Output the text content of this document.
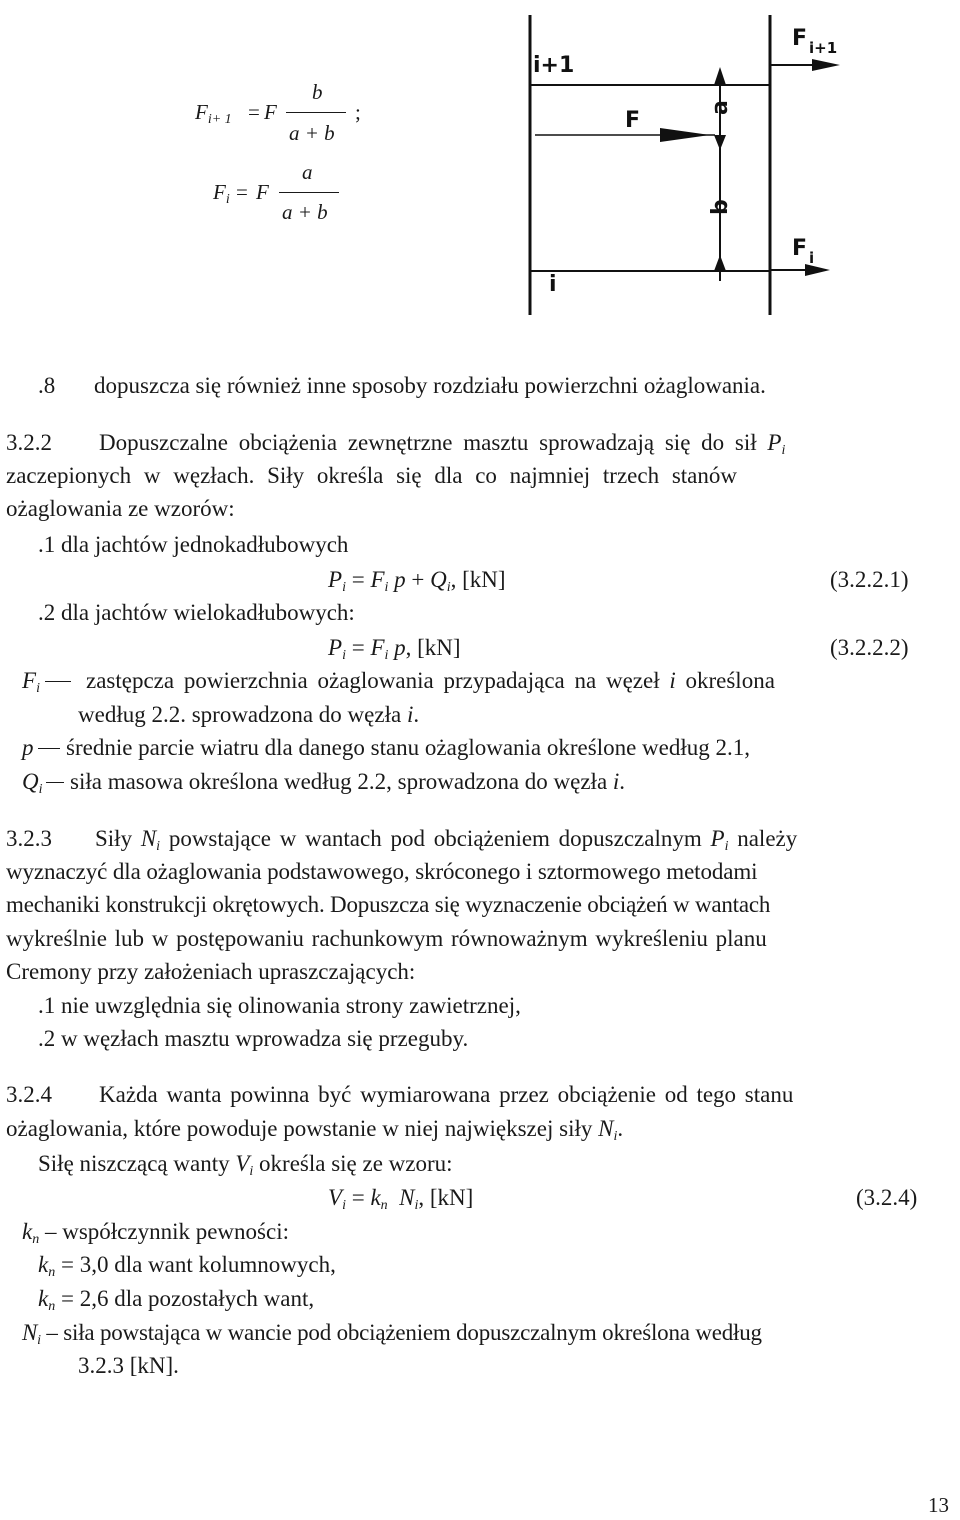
$F_{i+ 1} = F$
b
a + b
;
$F_i = F$
a
a + b
i+1
i
F
a
b
F i+1
F i
.8 dopuszcza się również inne sposoby rozdziału powierzchni ożaglowania.
3.2.2 Dopuszczalne obciążenia zewnętrzne masztu sprowadzają się do sił $P_i$
zaczepionych w węzłach. Siły określa się dla co najmniej trzech stanów
ożaglowania ze wzorów:
.1 dla jachtów jednokadłubowych
$P_i = F_i$ $p + Q_i$, [kN]	(3.2.2.1)
.2 dla jachtów wielokadłubowych:
$P_i = F_i$ p, [kN]	(3.2.2.2)
$F_i$ zastępcza powierzchnia ożaglowania przypadająca na węzeł i określona
według 2.2. sprowadzona do węzła i.
p średnie parcie wiatru dla danego stanu ożaglowania określone według 2.1,
$Q_i$ siła masowa określona według 2.2, sprowadzona do węzła i.
3.2.3 Siły $N_i$ powstające w wantach pod obciążeniem dopuszczalnym $P_i$ należy
wyznaczyć dla ożaglowania podstawowego, skróconego i sztormowego metodami
mechaniki konstrukcji okrętowych. Dopuszcza się wyznaczenie obciążeń w wantach
wykreślnie lub w postępowaniu rachunkowym równoważnym wykreśleniu planu
Cremony przy założeniach upraszczających:
.1 nie uwzględnia się olinowania strony zawietrznej,
.2 w węzłach masztu wprowadza się przeguby.
3.2.4 Każda wanta powinna być wymiarowana przez obciążenie od tego stanu
ożaglowania, które powoduje powstanie w niej największej siły $N_i$.
Siłę niszczącą wanty $V_i$ określa się ze wzoru:
$V_i = k_n$ $N_i$, [kN]	(3.2.4)
$k_n$ – współczynnik pewności:
$k_n = 3,0$ dla want kolumnowych,
$k_n = 2,6$ dla pozostałych want,
$N_i$ – siła powstająca w wancie pod obciążeniem dopuszczalnym określona według
3.2.3 [kN].
13
